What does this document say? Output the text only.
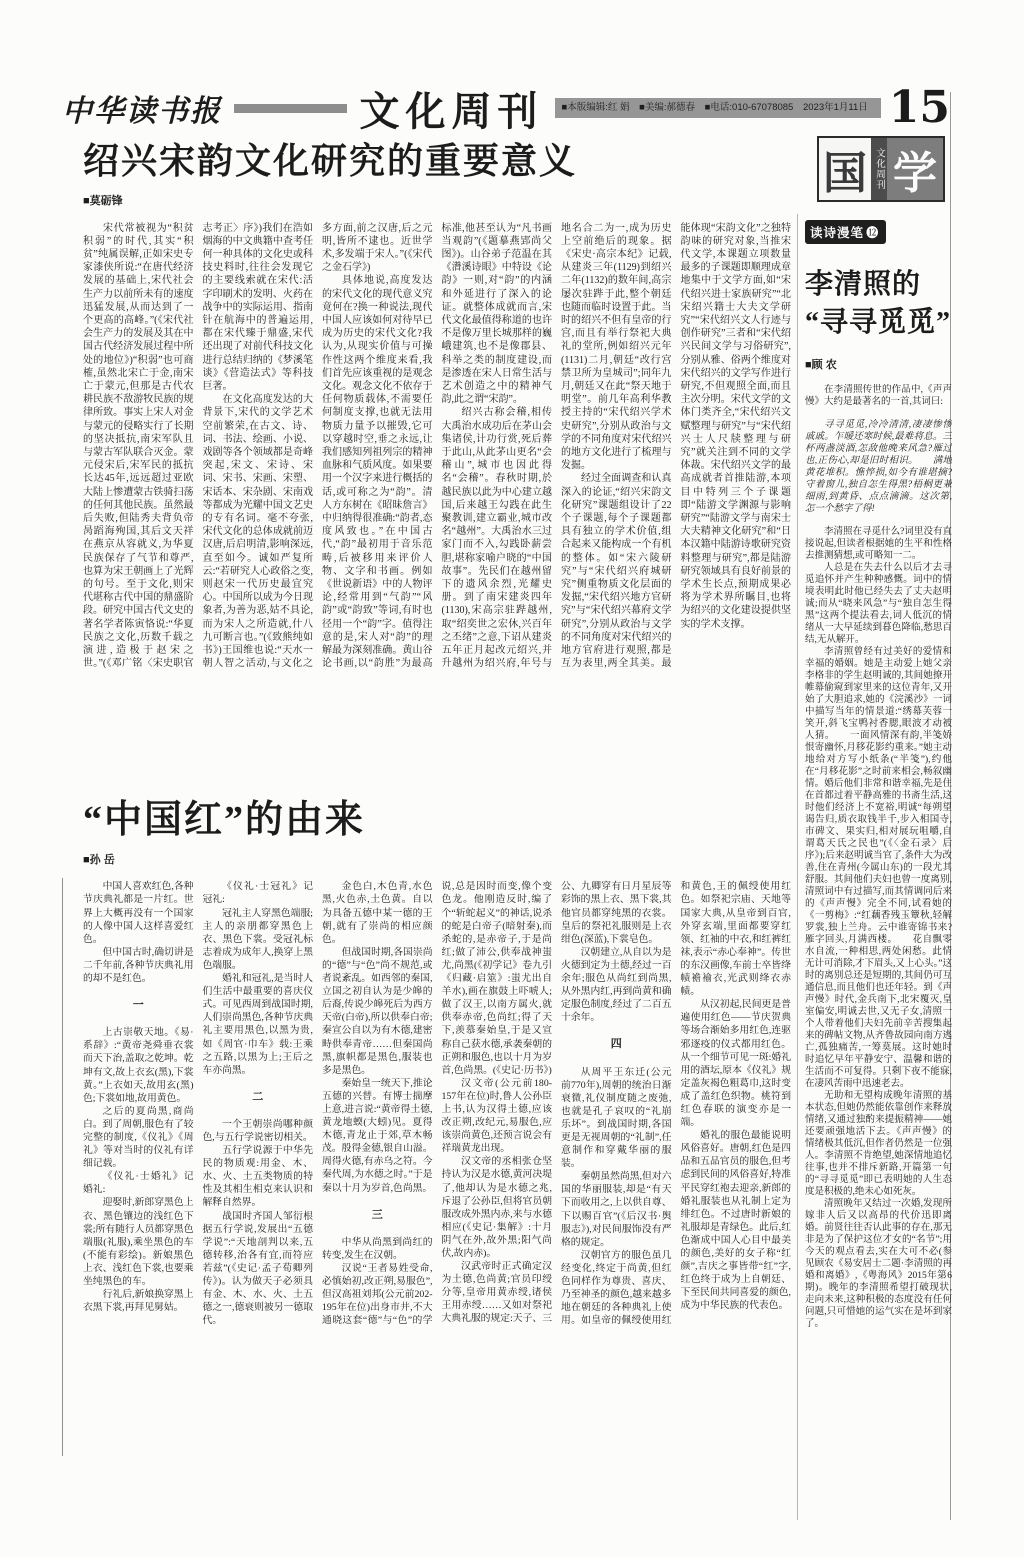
中华读书报	文化周刊	■本版编辑:红 娟 ■美编:郝德春 ■电话:010-67078085 2023年1月11日 15
绍兴宋韵文化研究的重要意义
■莫砺锋
宋代常被视为“积贫积弱”的时代,其实“积贫”纯属误解,正如宋史专家漆侠所说:“在唐代经济发展的基础上,宋代社会生产力以前所未有的速度迅猛发展,从而达到了一个更高的高峰。”(《宋代社会生产力的发展及其在中国古代经济发展过程中所处的地位》)“积弱”也可商榷,虽然北宋亡于金,南宋亡于蒙元,但那是古代农耕民族不敌游牧民族的规律所致。事实上宋人对金与蒙元的侵略实行了长期的坚决抵抗,南宋军队且与蒙古军队联合灭金。蒙元侵宋后,宋军民的抵抗长达45年,远远超过亚欧大陆上惨遭蒙古铁骑扫荡的任何其他民族。虽然最后失败,但陆秀夫背负帝昺蹈海殉国,其后文天祥在燕京从容就义,为华夏民族保存了气节和尊严,也算为宋王朝画上了光辉的句号。至于文化,则宋代堪称古代中国的鼎盛阶段。研究中国古代文史的著名学者陈寅恪说:“华夏民族之文化,历数千载之演进,造极于赵宋之世。”(《邓广铭〈宋史职官志考正〉序》)我们在浩如烟海的中文典籍中查考任何一种具体的文化史或科技史料时,往往会发现它的主要线索就在宋代:活字印刷术的发明、火药在战争中的实际运用、指南针在航海中的普遍运用,都在宋代臻于鼎盛,宋代还出现了对前代科技文化进行总结归纳的《梦溪笔谈》《营造法式》等科技巨著。
在文化高度发达的大背景下,宋代的文学艺术空前繁荣,在古文、诗、词、书法、绘画、小说、戏剧等各个领域都是奇峰突起,宋文、宋诗、宋词、宋书、宋画、宋塑、宋话本、宋杂剧、宋南戏等都成为光耀中国文艺史的专有名词。毫不夸张,宋代文化的总体成就前迈汉唐,后启明清,影响深远,直至如今。诚如严复所云:“若研究人心政俗之变,则赵宋一代历史最宜究心。中国所以成为今日现象者,为善为恶,姑不具论,而为宋人之所造就,什八九可断言也。”(《致熊纯如书》)王国维也说:“天水一朝人智之活动,与文化之多方面,前之汉唐,后之元明,皆所不逮也。近世学术,多发端于宋人。”(《宋代之金石学》)
具体地说,高度发达的宋代文化的现代意义究竟何在?换一种说法,现代中国人应该如何对待早已成为历史的宋代文化?我认为,从现实价值与可操作性这两个维度来看,我们首先应该重视的是观念文化。观念文化不依存于任何物质载体,不需要任何制度支撑,也就无法用物质力量予以摧毁,它可以穿越时空,垂之永远,让我们感知列祖列宗的精神血脉和气质风度。如果要用一个汉字来进行概括的话,或可称之为“韵”。清人方东树在《昭昧詹言》中归纳得很准确:“韵者,态度风致也。”在中国古代,“韵”最初用于音乐范畴,后被移用来评价人物、文字和书画。例如《世说新语》中的人物评论,经常用到“气韵”“风韵”或“韵致”等词,有时也径用一个“韵”字。值得注意的是,宋人对“韵”的理解最为深刻准确。黄山谷论书画,以“韵胜”为最高标准,他甚至认为“凡书画当观韵”(《题摹燕郢尚父图》)。山谷弟子范温在其《濳溪诗眼》中特设《论韵》一则,对“韵”的内涵和外延进行了深入的论证。就整体成就而言,宋代文化最值得称道的也许不是像万里长城那样的巍峨建筑,也不是像郡县、科举之类的制度建设,而是渗透在宋人日常生活与艺术创造之中的精神气韵,此之谓“宋韵”。
绍兴古称会稽,相传大禹治水成功后在茅山会集诸侯,计功行赏,死后葬于此山,从此茅山更名“会稽山”,城市也因此得名“会稽”。春秋时期,於越民族以此为中心建立越国,后来越王勾践在此生聚教训,建立霸业,城市改名“越州”。大禹治水三过家门而不入,勾践卧薪尝胆,堪称家喻户晓的“中国故事”。先民们在越州留下的遗风余烈,光耀史册。到了南宋建炎四年(1130),宋高宗驻跸越州,取“绍奕世之宏休,兴百年之丕绪”之意,下诏从建炎五年正月起改元绍兴,并升越州为绍兴府,年号与地名合二为一,成为历史上空前绝后的现象。据《宋史·高宗本纪》记载,从建炎三年(1129)到绍兴二年(1132)的数年间,高宗屡次驻跸于此,整个朝廷也随而临时设置于此。当时的绍兴不但有皇帝的行宫,而且有举行祭祀大典礼的堂所,例如绍兴元年(1131)二月,朝廷“改行宫禁卫所为皇城司”;同年九月,朝廷又在此“祭天地于明堂”。前几年高利华教授主持的“宋代绍兴学术史研究”,分别从政治与文学的不同角度对宋代绍兴的地方文化进行了梳理与发掘。
经过全面调查和认真深入的论证,“绍兴宋韵文化研究”课题组设计了22个子课题,每个子课题都具有独立的学术价值,组合起来又能构成一个有机的整体。如“宋六陵研究”与“宋代绍兴府城研究”侧重物质文化层面的发掘,“宋代绍兴地方官研究”与“宋代绍兴幕府文学研究”,分别从政治与文学的不同角度对宋代绍兴的地方官府进行观照,都是互为表里,两全其美。最能体现“宋韵文化”之独特韵味的研究对象,当推宋代文学,本课题立项数量最多的子课题即顺理成章地集中于文学方面,如“宋代绍兴进士家族研究”“北宋绍兴籍士大夫文学研究”“宋代绍兴文人行迹与创作研究”三者和“宋代绍兴民间文学与习俗研究”,分别从雅、俗两个维度对宋代绍兴的文学写作进行研究,不但观照全面,而且主次分明。宋代文学的文体门类齐全,“宋代绍兴文赋整理与研究”与“宋代绍兴士人尺牍整理与研究”就关注到不同的文学体裁。宋代绍兴文学的最高成就者首推陆游,本项目中特列三个子课题即“陆游文学渊源与影响研究”“陆游文学与南宋士大夫精神文化研究”和“日本汉籍中陆游诗歌研究资料整理与研究”,都是陆游研究领域具有良好前景的学术生长点,预期成果必将为学术界所瞩目,也将为绍兴的文化建设提供坚实的学术支撑。
“中国红”的由来
■孙 岳
中国人喜欢红色,各种节庆典礼都是一片红。世界上大概再没有一个国家的人像中国人这样喜爱红色。
但中国古时,确切讲是二千年前,各种节庆典礼用的却不是红色。
一
上古崇敬天地。《易·系辞》:“黄帝尧舜垂衣裳而天下治,盖取之乾坤。乾坤有文,故上衣玄(黑),下裳黄。”上衣如天,故用玄(黑)色;下裳如地,故用黄色。
之后的夏尚黑,商尚白。到了周朝,服色有了较完整的制度,《仪礼》《周礼》等对当时的仪礼有详细记载。
《仪礼·士婚礼》记婚礼:
迎娶时,新郎穿黑色上衣、黑色镶边的浅红色下裳;所有随行人员都穿黑色端服(礼服),乘坐黑色的车(不能有彩绘)。新娘黑色上衣、浅红色下裳,也要乘坐纯黑色的车。
行礼后,新娘换穿黑上衣黑下裳,再拜见舅姑。
《仪礼·士冠礼》记冠礼:
冠礼主人穿黑色端服;主人的亲朋都穿黑色上衣、黑色下裳。受冠礼标志着成为成年人,换穿上黑色端服。
婚礼和冠礼,是当时人们生活中最重要的喜庆仪式。可见西周到战国时期,人们崇尚黑色,各种节庆典礼主要用黑色,以黑为贵,如《周官·巾车》载:王乘之五路,以黑为上;王后之车亦尚黑。
二
一个王朝崇尚哪种颜色,与五行学说密切相关。
五行学说源于中华先民的物质观:用金、木、水、火、土五类物质的特性及其相生相克来认识和解释自然界。
战国时齐国人邹衍根据五行学说,发展出“五德学说”:“天地剖判以来,五德转移,治各有宜,而符应若兹”(《史记·孟子荀卿列传》)。认为做天子必须具有金、木、水、火、土五德之一,德衰则被另一德取代。
金色白,木色青,水色黑,火色赤,土色黄。自以为具备五德中某一德的王朝,就有了崇尚的相应颜色。
但战国时期,各国崇尚的“德”与“色”尚不规范,或者说紊乱。如西邻的秦国,立国之初自认为是少皞的后裔,传说少皞死后为西方天帝(白帝),所以供奉白帝;秦宣公自以为有木德,建密畤供奉青帝……但秦国尚黑,旗帜都是黑色,服装也多是黑色。
秦始皇一统天下,推论五德的兴替。有博士揣摩上意,进言说:“黄帝得土德,黄龙地蝡(大蚓)见。夏得木德,青龙止于郊,草木畅茂。殷得金德,银自山溢。周得火德,有赤乌之符。今秦代周,为水德之时。”于是秦以十月为岁首,色尚黑。
三
中华从尚黑到尚红的转变,发生在汉朝。
汉说“王者易姓受命,必慎始初,改正朔,易服色”,但汉高祖刘邦(公元前202-195年在位)出身市井,不大通晓这套“德”与“色”的学说,总是因时而变,像个变色龙。他刚造反时,编了个“斩蛇起义”的神话,说杀的蛇是白帝子(暗射秦),而杀蛇的,是赤帝子,于是尚红;做了沛公,供奉战神蚩尤,尚黑(《初学记》卷九引《归藏·启筮》:蚩尤出自羊水),画在旗鼓上吓唬人;做了汉王,以南方属火,就供奉赤帝,色尚红;得了天下,羡慕秦始皇,于是又宣称自己获水德,承袭秦朝的正朔和服色,也以十月为岁首,色尚黑。(《史记·历书》)
汉文帝(公元前180-157年在位)时,鲁人公孙臣上书,认为汉得土德,应该改正朔,改纪元,易服色,应该崇尚黄色,还预言说会有祥瑞黄龙出现。
汉文帝的丞相张仓坚持认为汉是水德,黄河决堤了,他却认为是水德之兆,斥退了公孙臣,但将官员朝服改成外黑内赤,来与水德相应(《史记·集解》:十月阴气在外,故外黑;阳气尚伏,故内赤)。
汉武帝时正式确定汉为土德,色尚黄;官员印绶分等,皇帝用黄赤绶,诸侯王用赤绶……又如对祭祀大典礼服的规定:天子、三公、九卿穿有日月星辰等彩饰的黑上衣、黑下裳,其他官员都穿纯黑的衣裳。皇后的祭祀礼服则是上衣绀色(深蓝),下裳皂色。
汉朝建立,从自以为是火德到定为土德,经过一百余年;服色从尚红到尚黑,从外黑内红,再到尚黄和确定服色制度,经过了二百五十余年。
四
从周平王东迁(公元前770年),周朝的统治日渐衰微,礼仪制度随之废弛,也就是孔子哀叹的“礼崩乐坏”。到战国时期,各国更是无视周朝的“礼制”,任意制作和穿戴华丽的服装。
秦朝虽然尚黑,但对六国的华丽服装,却是“有天下而收用之,上以供自尊、下以赐百官”(《后汉书·舆服志》),对民间服饰没有严格的规定。
汉朝官方的服色虽几经变化,终定于尚黄,但红色同样作为尊贵、喜庆、乃至神圣的颜色,越来越多地在朝廷的各种典礼上使用。如皇帝的佩绶使用红和黄色,王的佩绶使用红色。如祭祀宗庙、天地等国家大典,从皇帝到百官,外穿玄端,里面都要穿红领、红袖的中衣,和红裤红袜,表示“赤心奉神”。传世的东汉画像,车前士卒皆绛帻襜褕衣,光武则绛衣赤帻。
从汉初起,民间更是普遍使用红色——节庆贺典等场合渐始多用红色,连驱邪逐疫的仪式都用红色。从一个细节可见一斑:婚礼用的酒坛,原本《仪礼》规定盖灰褐色粗葛巾,这时变成了盖红色织物。桃符到红色春联的演变亦是一端。
婚礼的服色最能说明风俗喜好。唐朝,红色是四品和五品官员的服色,但考虑到民间的风俗喜好,特准平民穿红袍去迎亲,新郎的婚礼服装也从礼制上定为绯红色。不过唐时新娘的礼服却是青绿色。此后,红色渐成中国人心目中最美的颜色,美好的女子称“红颜”,吉庆之事皆带“红”字,红色终于成为上自朝廷、下至民间共同喜爱的颜色,成为中华民族的代表色。
国 文化周刊 学
读诗漫笔 ⓬
李清照的
“寻寻觅觅”
■顾 农
在李清照传世的作品中,《声声慢》大约是最著名的一首,其词曰:
寻寻觅觅,冷冷清清,凄凄惨惨戚戚。乍暖还寒时候,最难将息。三杯两盏淡酒,怎敌他晚来风急?雁过也,正伤心,却是旧时相识。　　满地黄花堆积。憔悴损,如今有谁堪摘?守着窗儿,独自怎生得黑?梧桐更兼细雨,到黄昏、点点滴滴。这次第,怎一个愁字了得!
李清照在寻觅什么?词里没有直接说起,但读者根据她的生平和性格去推测猜想,或可略知一二。
人总是在失去什么以后才去寻觅追怀并产生种种感慨。词中的情境表明此时他已经失去了丈夫赵明诚;而从“晓来风急”与“独自怎生得黑”这两个提法看去,词人低沉的情绪从一大早延续到暮色降临,愁思百结,无从解开。
李清照曾经有过美好的爱情和幸福的婚姻。她是主动爱上她父亲李格非的学生赵明诚的,其间她撩开帷幕偷窥到家里来的这位青年,又开始了大胆追求,她的《浣溪沙》一词中描写当年的情景道:“绣幕芙蓉一笑开,斜飞宝鸭衬香腮,眼波才动被人猜。　　一面风情深有韵,半笺娇恨寄幽怀,月移花影约重来。”她主动地给对方写小纸条(“半笺”),约他在“月移花影”之时前来相会,畅叙幽情。婚后他们非常和谐幸福,先是住在首都过着平静高雅的书斋生活,这时他们经济上不宽裕,明诚“每朔望谒告归,质衣取钱半千,步入相国寺,市碑文、果实归,相对展玩咀嚼,自谓葛天氏之民也”(《〈金石录〉后序》);后来赵明诚当官了,条件大为改善,住在青州(今属山东)的一段尤其舒服。其间他们夫妇也曾一度离别,清照词中有过描写,而其情调同后来的《声声慢》完全不同,试看她的《一剪梅》:“红藕香残玉簟秋,轻解罗裳,独上兰舟。云中谁寄锦书来?雁字回头,月满西楼。　　花自飘零水自流,一种相思,两处闲愁。此情无计可消除,才下眉头,又上心头。”这时的离别总还是短期的,其间仍可互通信息,而且他们也还年轻。到《声声慢》时代,金兵南下,北宋覆灭,皇室偏安,明诚去世,又无子女,清照一个人带着他们夫妇先前辛苦搜集起来的碑帖文物,从齐鲁故园向南方逃亡,孤独痛苦,一筹莫展。这时她时时追忆早年平静安宁、温馨和谐的生活而不可复得。只剩下夜不能寐,在凄风苦雨中迅速老去。
无助和无望构成晚年清照的基本状态,但她仍然能依靠创作来释放情绪,又通过独酌来提振精神——她还要顽强地活下去。《声声慢》的情绪极其低沉,但作者仍然是一位强人。李清照不肯绝望,她深情地追忆往事,也并不排斥新路,开篇第一句的“寻寻觅觅”即已表明她的人生态度是积极的,绝未心如死灰。
清照晚年又结过一次婚,发现所嫁非人后又以高昂的代价迅即离婚。前贤往往否认此事的存在,那无非是为了保护这位才女的“名节”;用今天的观点看去,实在大可不必(参见顾农《易安居士二题·李清照的再婚和离婚》,《粤海风》2015年第6期)。晚年的李清照希望打破现状,走向未来,这种积极的态度没有任何问题,只可惜她的运气实在是坏到家了。
